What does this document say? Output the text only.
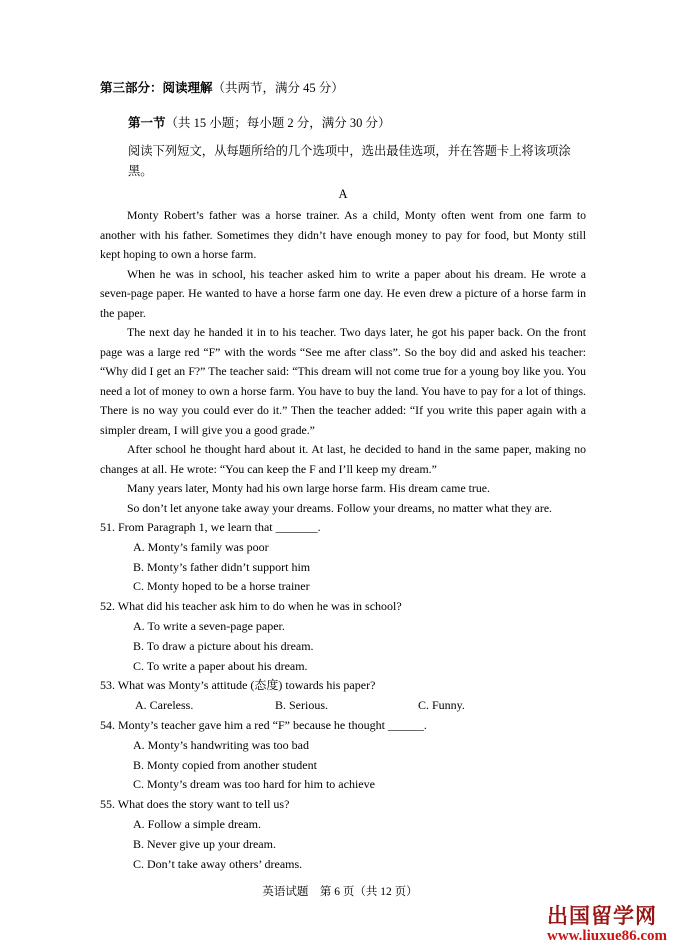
第三部分：阅读理解（共两节，满分 45 分）

第一节（共 15 小题；每小题 2 分，满分 30 分）

阅读下列短文，从每题所给的几个选项中，选出最佳选项，并在答题卡上将该项涂黑。

A

Monty Robert’s father was a horse trainer. As a child, Monty often went from one farm to another with his father. Sometimes they didn’t have enough money to pay for food, but Monty still kept hoping to own a horse farm.

When he was in school, his teacher asked him to write a paper about his dream. He wrote a seven-page paper. He wanted to have a horse farm one day. He even drew a picture of a horse farm in the paper.

The next day he handed it in to his teacher. Two days later, he got his paper back. On the front page was a large red “F” with the words “See me after class”. So the boy did and asked his teacher: “Why did I get an F?” The teacher said: “This dream will not come true for a young boy like you. You need a lot of money to own a horse farm. You have to buy the land. You have to pay for a lot of things. There is no way you could ever do it.” Then the teacher added: “If you write this paper again with a simpler dream, I will give you a good grade.”

After school he thought hard about it. At last, he decided to hand in the same paper, making no changes at all. He wrote: “You can keep the F and I’ll keep my dream.”

Many years later, Monty had his own large horse farm. His dream came true.

So don’t let anyone take away your dreams. Follow your dreams, no matter what they are.

51. From Paragraph 1, we learn that _______.

A. Monty’s family was poor

B. Monty’s father didn’t support him

C. Monty hoped to be a horse trainer

52. What did his teacher ask him to do when he was in school?

A. To write a seven-page paper.

B. To draw a picture about his dream.

C. To write a paper about his dream.

53. What was Monty’s attitude (态度) towards his paper?

A. Careless.	B. Serious.	C. Funny.

54. Monty’s teacher gave him a red “F” because he thought ______.

A. Monty’s handwriting was too bad

B. Monty copied from another student

C. Monty’s dream was too hard for him to achieve

55. What does the story want to tell us?

A. Follow a simple dream.

B. Never give up your dream.

C. Don’t take away others’ dreams.

英语试题　第 6 页（共 12 页）
出国留学网
www.liuxue86.com
